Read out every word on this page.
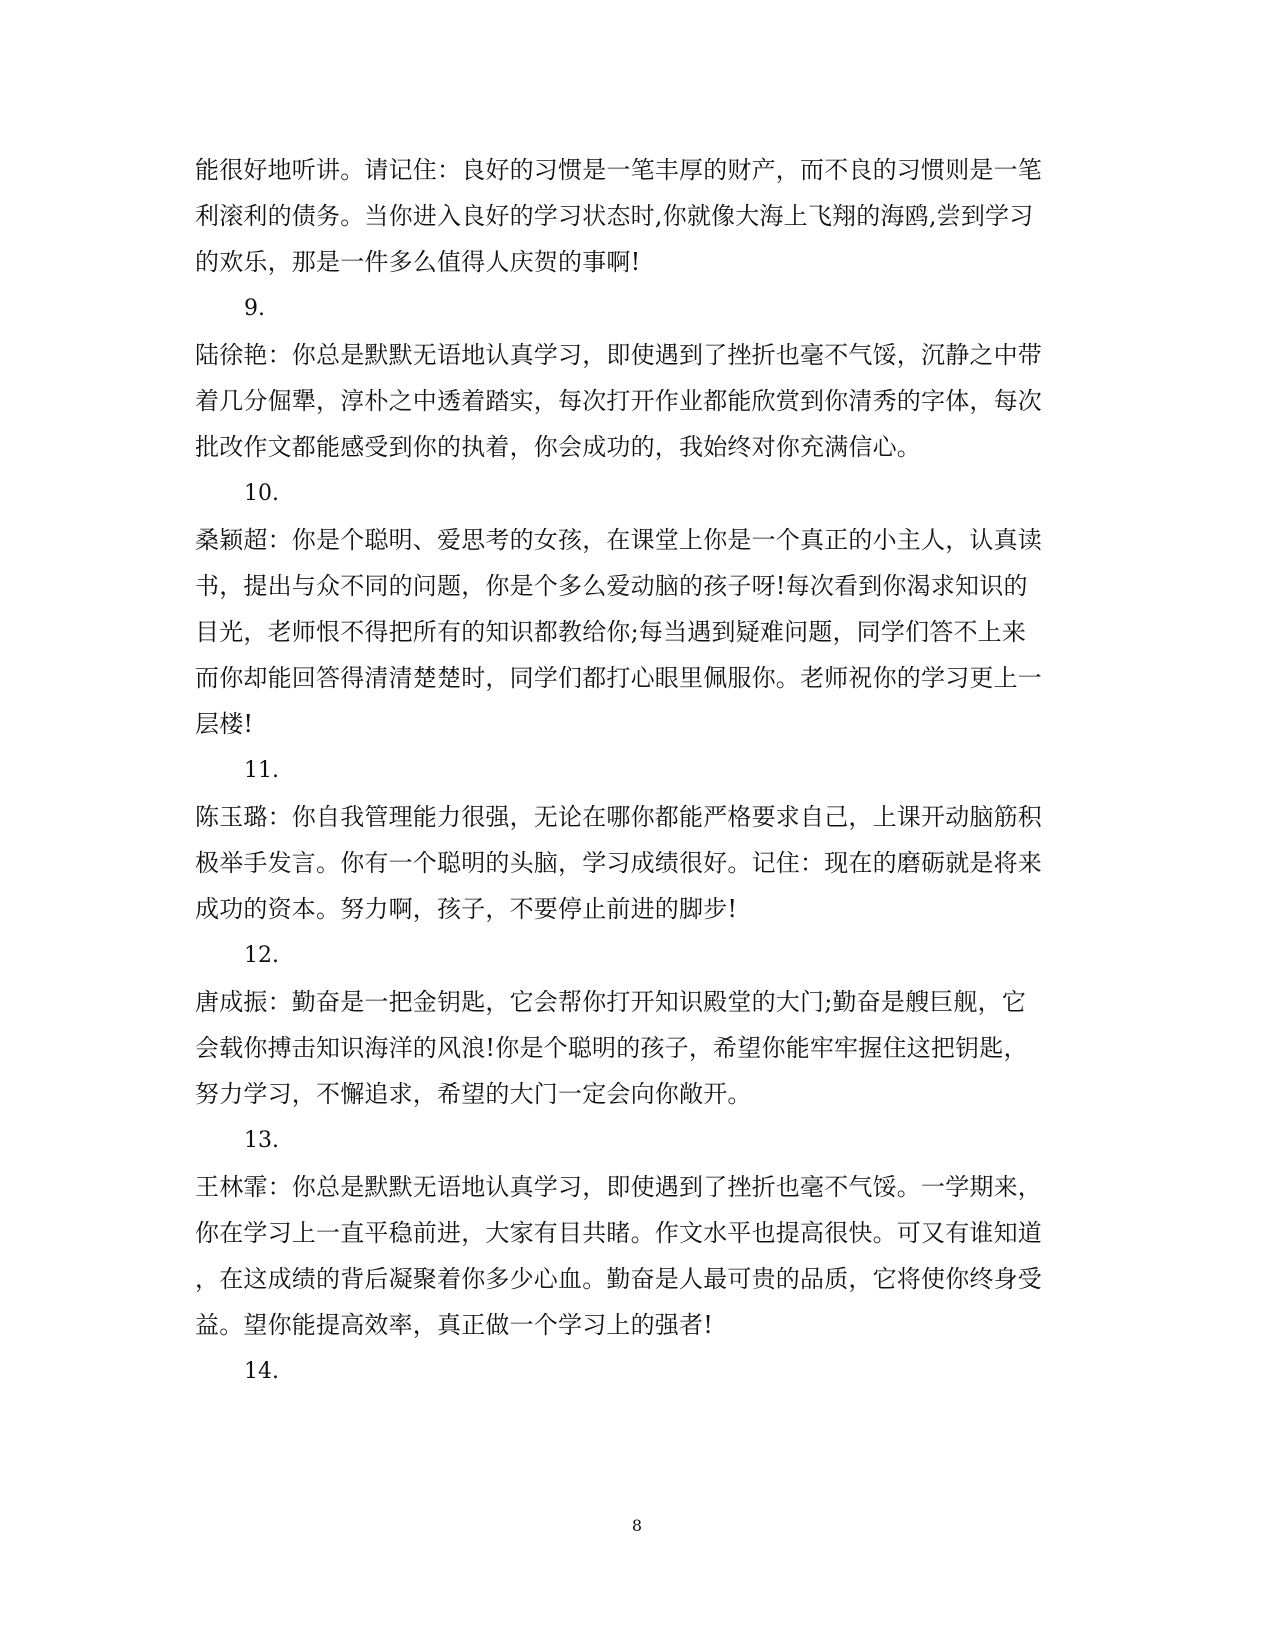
能很好地听讲。请记住：良好的习惯是一笔丰厚的财产，而不良的习惯则是一笔
利滚利的债务。当你进入良好的学习状态时,你就像大海上飞翔的海鸥,尝到学习
的欢乐，那是一件多么值得人庆贺的事啊!
9.
陆徐艳：你总是默默无语地认真学习，即使遇到了挫折也毫不气馁，沉静之中带
着几分倔犟，淳朴之中透着踏实，每次打开作业都能欣赏到你清秀的字体，每次
批改作文都能感受到你的执着，你会成功的，我始终对你充满信心。
10.
桑颖超：你是个聪明、爱思考的女孩，在课堂上你是一个真正的小主人，认真读
书，提出与众不同的问题，你是个多么爱动脑的孩子呀!每次看到你渴求知识的
目光，老师恨不得把所有的知识都教给你;每当遇到疑难问题，同学们答不上来
而你却能回答得清清楚楚时，同学们都打心眼里佩服你。老师祝你的学习更上一
层楼!
11.
陈玉璐：你自我管理能力很强，无论在哪你都能严格要求自己，上课开动脑筋积
极举手发言。你有一个聪明的头脑，学习成绩很好。记住：现在的磨砺就是将来
成功的资本。努力啊，孩子，不要停止前进的脚步!
12.
唐成振：勤奋是一把金钥匙，它会帮你打开知识殿堂的大门;勤奋是艘巨舰，它
会载你搏击知识海洋的风浪!你是个聪明的孩子，希望你能牢牢握住这把钥匙，
努力学习，不懈追求，希望的大门一定会向你敞开。
13.
王林霏：你总是默默无语地认真学习，即使遇到了挫折也毫不气馁。一学期来，
你在学习上一直平稳前进，大家有目共睹。作文水平也提高很快。可又有谁知道
，在这成绩的背后凝聚着你多少心血。勤奋是人最可贵的品质，它将使你终身受
益。望你能提高效率，真正做一个学习上的强者!
14.
8
